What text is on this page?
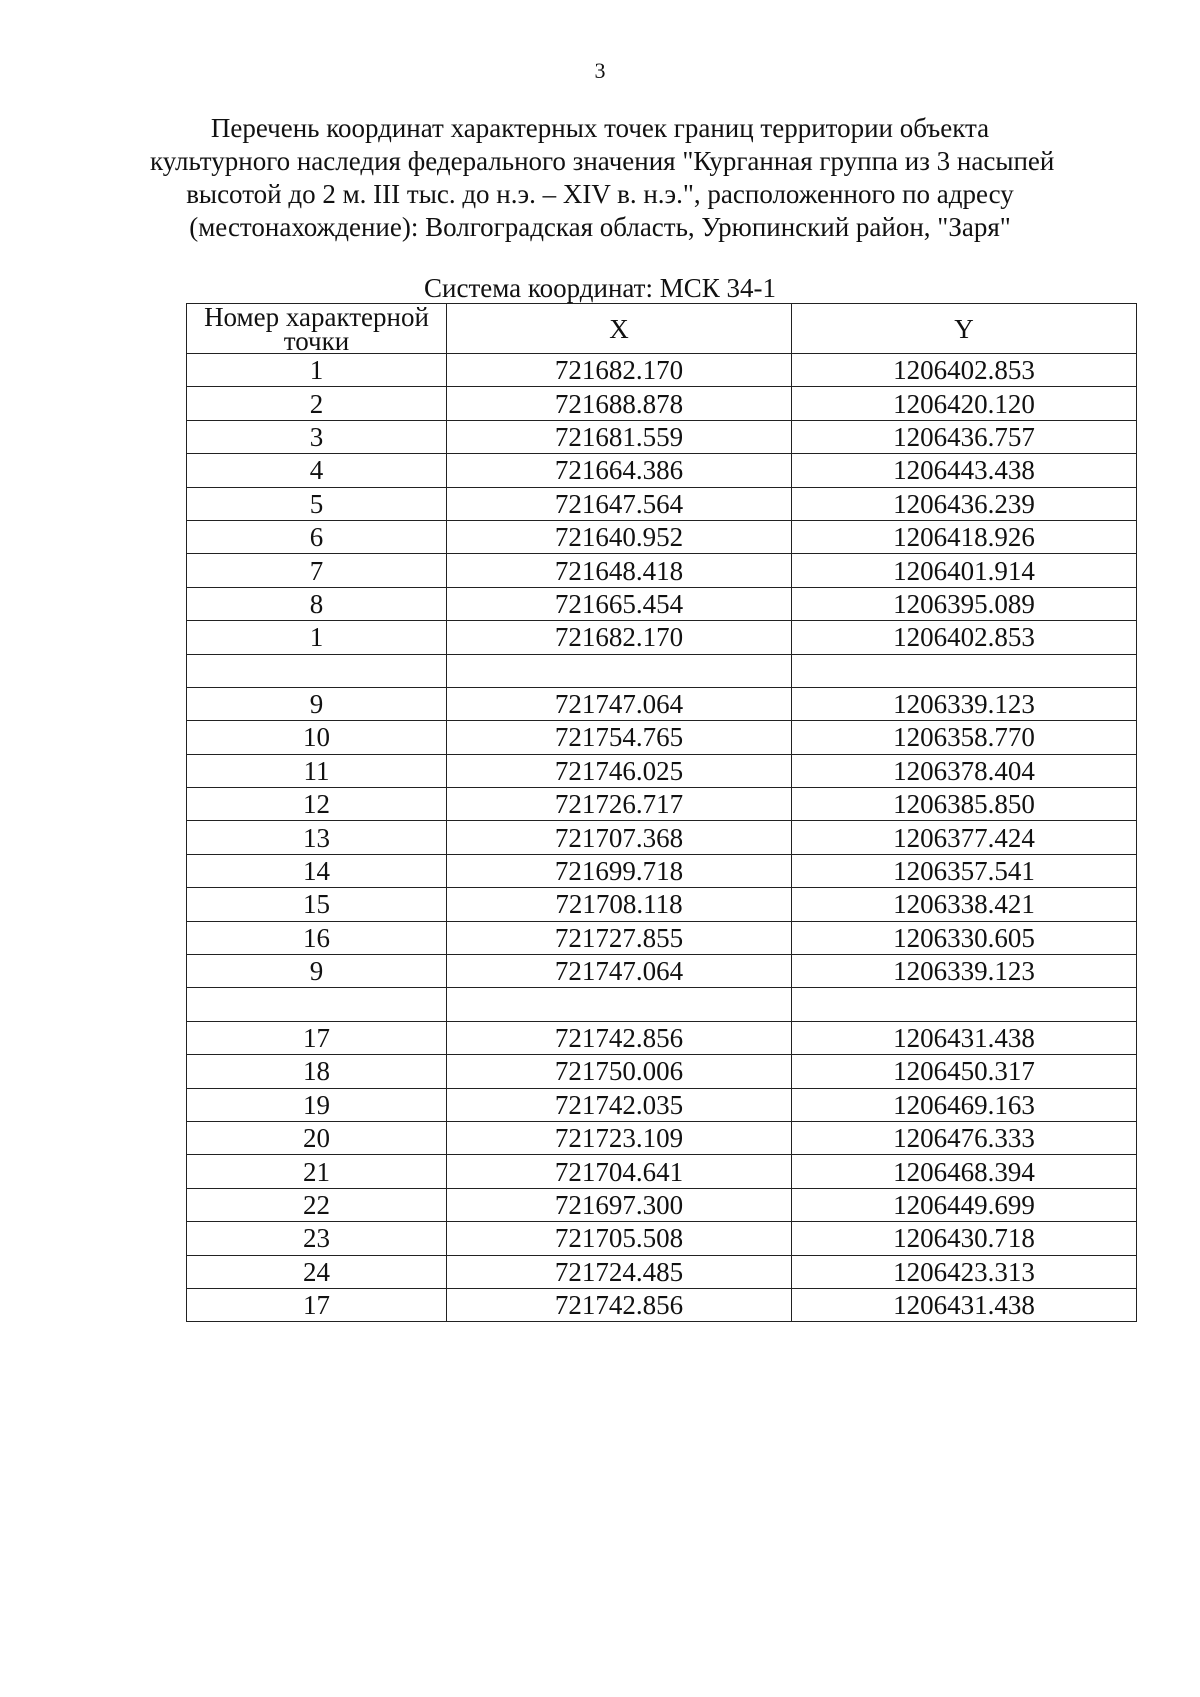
3
Перечень координат характерных точек границ территории объекта
культурного наследия федерального значения "Курганная группа из 3 насыпей
высотой до 2 м. III тыс. до н.э. – XIV в. н.э.", расположенного по адресу
(местонахождение): Волгоградская область, Урюпинский район, "Заря"
Система координат: МСК 34-1
Номер характерной
точки	X	Y
1	721682.170	1206402.853
2	721688.878	1206420.120
3	721681.559	1206436.757
4	721664.386	1206443.438
5	721647.564	1206436.239
6	721640.952	1206418.926
7	721648.418	1206401.914
8	721665.454	1206395.089
1	721682.170	1206402.853

9	721747.064	1206339.123
10	721754.765	1206358.770
11	721746.025	1206378.404
12	721726.717	1206385.850
13	721707.368	1206377.424
14	721699.718	1206357.541
15	721708.118	1206338.421
16	721727.855	1206330.605
9	721747.064	1206339.123

17	721742.856	1206431.438
18	721750.006	1206450.317
19	721742.035	1206469.163
20	721723.109	1206476.333
21	721704.641	1206468.394
22	721697.300	1206449.699
23	721705.508	1206430.718
24	721724.485	1206423.313
17	721742.856	1206431.438
